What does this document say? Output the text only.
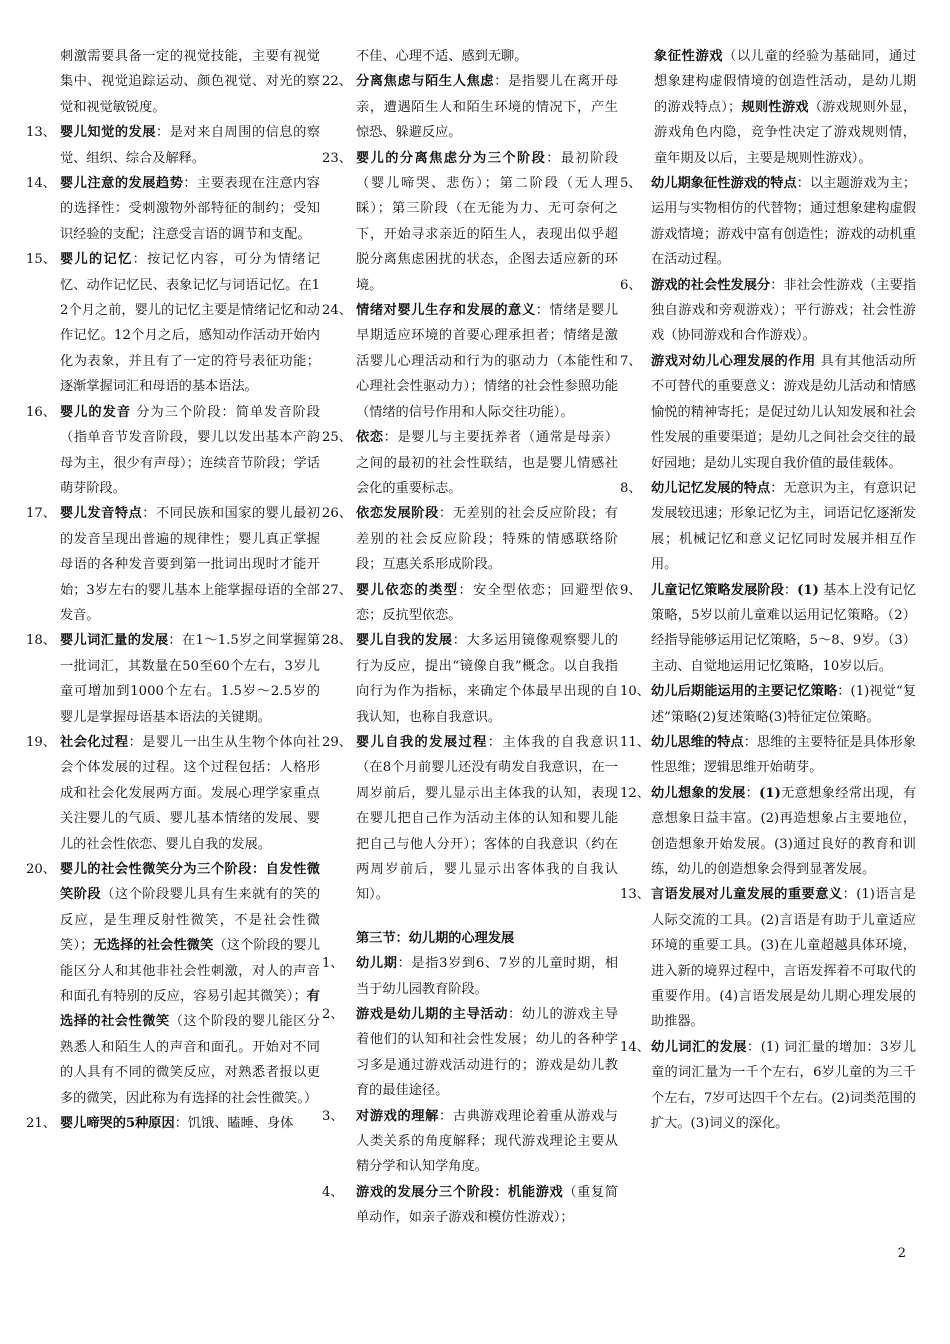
刺激需要具备一定的视觉技能，主要有视觉集中、视觉追踪运动、颜色视觉、对光的察觉和视觉敏锐度。
13、 婴儿知觉的发展：是对来自周围的信息的察觉、组织、综合及解释。
14、 婴儿注意的发展趋势：主要表现在注意内容的选择性：受刺激物外部特征的制约；受知识经验的支配；注意受言语的调节和支配。
15、 婴儿的记忆：按记忆内容，可分为情绪记忆、动作记忆民、表象记忆与词语记忆。在12个月之前，婴儿的记忆主要是情绪记忆和动作记忆。12个月之后，感知动作活动开始内化为表象，并且有了一定的符号表征功能；逐渐掌握词汇和母语的基本语法。
16、 婴儿的发音 分为三个阶段：简单发音阶段（指单音节发音阶段，婴儿以发出基本产韵母为主，很少有声母）；连续音节阶段；学话萌芽阶段。
17、 婴儿发音特点：不同民族和国家的婴儿最初的发音呈现出普遍的规律性；婴儿真正掌握母语的各种发音要到第一批词出现时才能开始；3岁左右的婴儿基本上能掌握母语的全部发音。
18、 婴儿词汇量的发展：在1～1.5岁之间掌握第一批词汇，其数量在50至60个左右，3岁儿童可增加到1000个左右。1.5岁～2.5岁的婴儿是掌握母语基本语法的关键期。
19、 社会化过程：是婴儿一出生从生物个体向社会个体发展的过程。这个过程包括：人格形成和社会化发展两方面。发展心理学家重点关注婴儿的气质、婴儿基本情绪的发展、婴儿的社会性依恋、婴儿自我的发展。
20、 婴儿的社会性微笑分为三个阶段：自发性微笑阶段（这个阶段婴儿具有生来就有的笑的反应，是生理反射性微笑，不是社会性微笑）；无选择的社会性微笑（这个阶段的婴儿能区分人和其他非社会性刺激，对人的声音和面孔有特别的反应，容易引起其微笑）；有选择的社会性微笑（这个阶段的婴儿能区分熟悉人和陌生人的声音和面孔。开始对不同的人具有不同的微笑反应，对熟悉者报以更多的微笑，因此称为有选择的社会性微笑。）
21、 婴儿啼哭的5种原因：饥饿、瞌睡、身体
不佳、心理不适、感到无聊。
22、 分离焦虑与陌生人焦虑：是指婴儿在离开母亲，遭遇陌生人和陌生环境的情况下，产生惊恐、躲避反应。
23、 婴儿的分离焦虑分为三个阶段：最初阶段（婴儿啼哭、悲伤）；第二阶段（无人理睬）；第三阶段（在无能为力、无可奈何之下，开始寻求亲近的陌生人，表现出似乎超脱分离焦虑困扰的状态，企图去适应新的环境。
24、 情绪对婴儿生存和发展的意义：情绪是婴儿早期适应环境的首要心理承担者；情绪是激活婴儿心理活动和行为的驱动力（本能性和心理社会性驱动力）；情绪的社会性参照功能（情绪的信号作用和人际交往功能）。
25、 依恋：是婴儿与主要抚养者（通常是母亲）之间的最初的社会性联结，也是婴儿情感社会化的重要标志。
26、 依恋发展阶段：无差别的社会反应阶段；有差别的社会反应阶段；特殊的情感联络阶段；互惠关系形成阶段。
27、 婴儿依恋的类型：安全型依恋；回避型依恋；反抗型依恋。
28、 婴儿自我的发展：大多运用镜像观察婴儿的行为反应，提出“镜像自我”概念。以自我指向行为作为指标，来确定个体最早出现的自我认知，也称自我意识。
29、 婴儿自我的发展过程：主体我的自我意识（在8个月前婴儿还没有萌发自我意识，在一周岁前后，婴儿显示出主体我的认知，表现在婴儿把自己作为活动主体的认知和婴儿能把自己与他人分开）；客体的自我意识（约在两周岁前后，婴儿显示出客体我的自我认知）。
第三节：幼儿期的心理发展
1、 幼儿期：是指3岁到6、7岁的儿童时期，相当于幼儿园教育阶段。
2、 游戏是幼儿期的主导活动：幼儿的游戏主导着他们的认知和社会性发展；幼儿的各种学习多是通过游戏活动进行的；游戏是幼儿教育的最佳途径。
3、 对游戏的理解：古典游戏理论着重从游戏与人类关系的角度解释；现代游戏理论主要从精分学和认知学角度。
4、 游戏的发展分三个阶段：机能游戏（重复简单动作，如亲子游戏和模仿性游戏）；
象征性游戏（以儿童的经验为基础同，通过想象建构虚假情境的创造性活动，是幼儿期的游戏特点）；规则性游戏（游戏规则外显，游戏角色内隐，竞争性决定了游戏规则情，童年期及以后，主要是规则性游戏）。
5、 幼儿期象征性游戏的特点：以主题游戏为主；运用与实物相仿的代替物；通过想象建构虚假游戏情境；游戏中富有创造性；游戏的动机重在活动过程。
6、 游戏的社会性发展分：非社会性游戏（主要指独自游戏和旁观游戏）；平行游戏；社会性游戏（协同游戏和合作游戏）。
7、 游戏对幼儿心理发展的作用 具有其他活动所不可替代的重要意义：游戏是幼儿活动和情感愉悦的精神寄托；是促过幼儿认知发展和社会性发展的重要渠道；是幼儿之间社会交往的最好园地；是幼儿实现自我价值的最佳载体。
8、 幼儿记忆发展的特点：无意识为主，有意识记发展较迅速；形象记忆为主，词语记忆逐渐发展；机械记忆和意义记忆同时发展并相互作用。
9、 儿童记忆策略发展阶段：(1) 基本上没有记忆策略，5岁以前儿童难以运用记忆策略。（2）经指导能够运用记忆策略，5～8、9岁。（3）主动、自觉地运用记忆策略，10岁以后。
10、 幼儿后期能运用的主要记忆策略：(1)视觉“复述”策略(2)复述策略(3)特征定位策略。
11、 幼儿思维的特点：思维的主要特征是具体形象性思维；逻辑思维开始萌芽。
12、 幼儿想象的发展：(1)无意想象经常出现，有意想象日益丰富。(2)再造想象占主要地位，创造想象开始发展。(3)通过良好的教育和训练，幼儿的创造想象会得到显著发展。
13、 言语发展对儿童发展的重要意义：(1)语言是人际交流的工具。(2)言语是有助于儿童适应环境的重要工具。(3)在儿童超越具体环境，进入新的境界过程中，言语发挥着不可取代的重要作用。(4)言语发展是幼儿期心理发展的助推器。
14、 幼儿词汇的发展：(1) 词汇量的增加：3岁儿童的词汇量为一千个左右，6岁儿童的为三千个左右，7岁可达四千个左右。(2)词类范围的扩大。(3)词义的深化。
2
